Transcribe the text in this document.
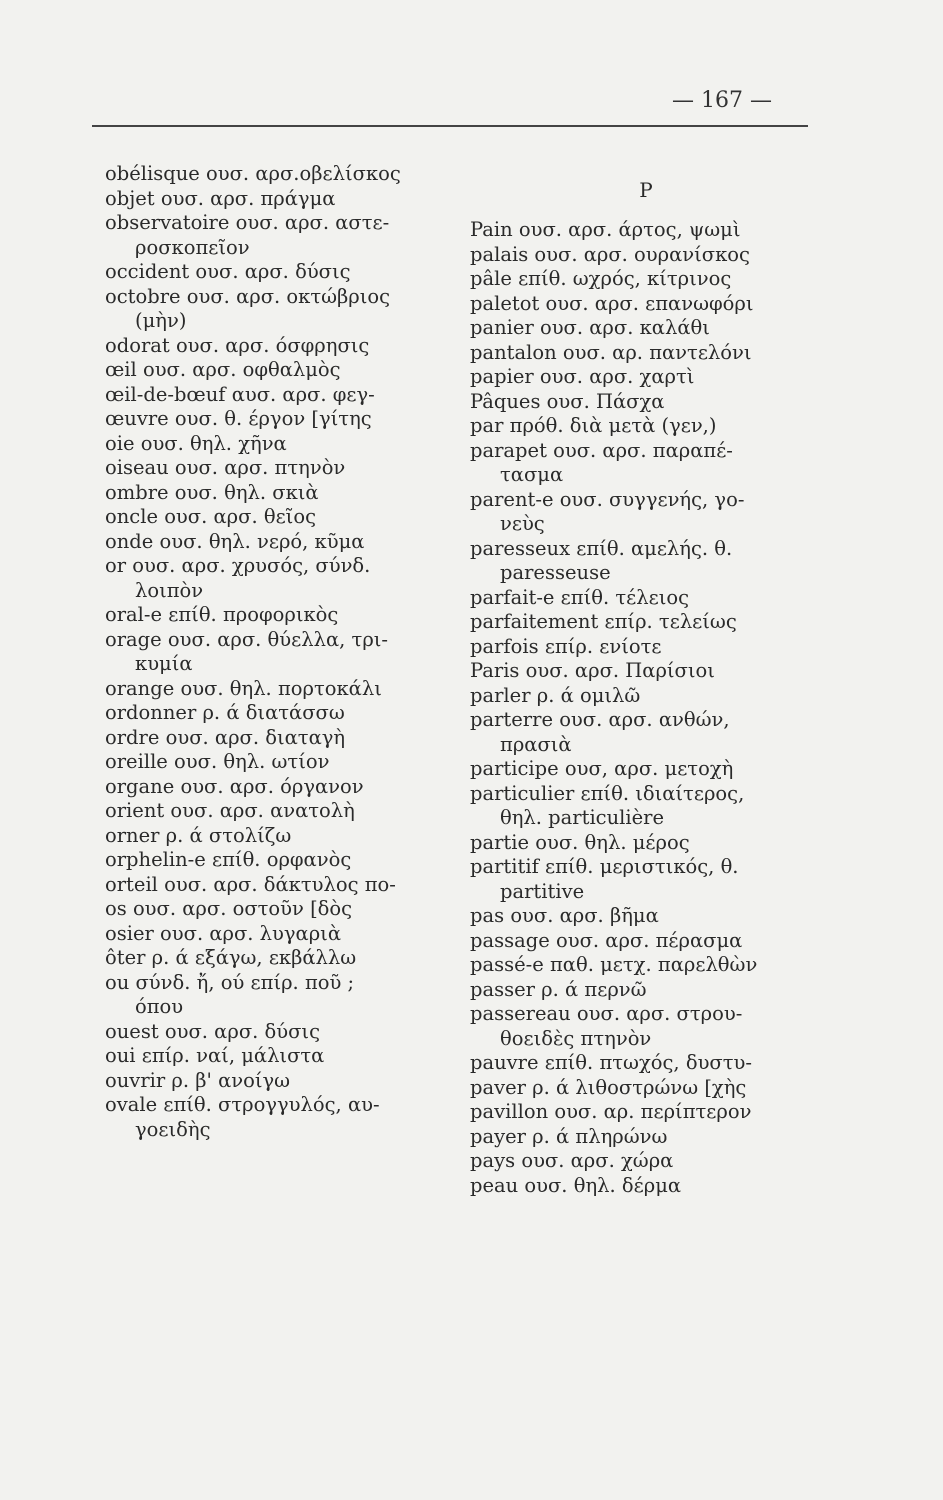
— 167 —
obélisque ουσ. αρσ.οβελίσκος
objet ουσ. αρσ. πράγμα
observatoire ουσ. αρσ. αστε-
ροσκοπεῖον
occident ουσ. αρσ. δύσις
octobre ουσ. αρσ. οκτώβριος
(μὴν)
odorat ουσ. αρσ. όσφρησις
œil ουσ. αρσ. οφθαλμὸς
œil-de-bœuf αυσ. αρσ. φεγ-
œuvre ουσ. θ. έργον [γίτης
oie ουσ. θηλ. χῆνα
oiseau ουσ. αρσ. πτηνὸν
ombre ουσ. θηλ. σκιὰ
oncle ουσ. αρσ. θεῖος
onde ουσ. θηλ. νερό, κῦμα
or ουσ. αρσ. χρυσός, σύνδ.
λοιπὸν
oral-e επίθ. προφορικὸς
orage ουσ. αρσ. θύελλα, τρι-
κυμία
orange ουσ. θηλ. πορτοκάλι
ordonner ρ. ά διατάσσω
ordre ουσ. αρσ. διαταγὴ
oreille ουσ. θηλ. ωτίον
organe ουσ. αρσ. όργανον
orient ουσ. αρσ. ανατολὴ
orner ρ. ά στολίζω
orphelin-e επίθ. ορφανὸς
orteil ουσ. αρσ. δάκτυλος πο-
os ουσ. αρσ. οστοῦν [δὸς
osier ουσ. αρσ. λυγαριὰ
ôter ρ. ά εξάγω, εκβάλλω
ou σύνδ. ἤ, ού επίρ. ποῦ ;
όπου
ouest ουσ. αρσ. δύσις
oui επίρ. ναί, μάλιστα
ouvrir ρ. β' ανοίγω
ovale επίθ. στρογγυλός, αυ-
γοειδὴς
P
Pain ουσ. αρσ. άρτος, ψωμὶ
palais ουσ. αρσ. ουρανίσκος
pâle επίθ. ωχρός, κίτρινος
paletot ουσ. αρσ. επανωφόρι
panier ουσ. αρσ. καλάθι
pantalon ουσ. αρ. παντελόνι
papier ουσ. αρσ. χαρτὶ
Pâques ουσ. Πάσχα
par πρόθ. διὰ μετὰ (γεν,)
parapet ουσ. αρσ. παραπέ-
τασμα
parent-e ουσ. συγγενής, γο-
νεὺς
paresseux επίθ. αμελής. θ.
paresseuse
parfait-e επίθ. τέλειος
parfaitement επίρ. τελείως
parfois επίρ. ενίοτε
Paris ουσ. αρσ. Παρίσιοι
parler ρ. ά ομιλῶ
parterre ουσ. αρσ. ανθών,
πρασιὰ
participe ουσ, αρσ. μετοχὴ
particulier επίθ. ιδιαίτερος,
θηλ. particulière
partie ουσ. θηλ. μέρος
partitif επίθ. μεριστικός, θ.
partitive
pas ουσ. αρσ. βῆμα
passage ουσ. αρσ. πέρασμα
passé-e παθ. μετχ. παρελθὼν
passer ρ. ά περνῶ
passereau ουσ. αρσ. στρου-
θοειδὲς πτηνὸν
pauvre επίθ. πτωχός, δυστυ-
paver ρ. ά λιθοστρώνω [χὴς
pavillon ουσ. αρ. περίπτερον
payer ρ. ά πληρώνω
pays ουσ. αρσ. χώρα
peau ουσ. θηλ. δέρμα
